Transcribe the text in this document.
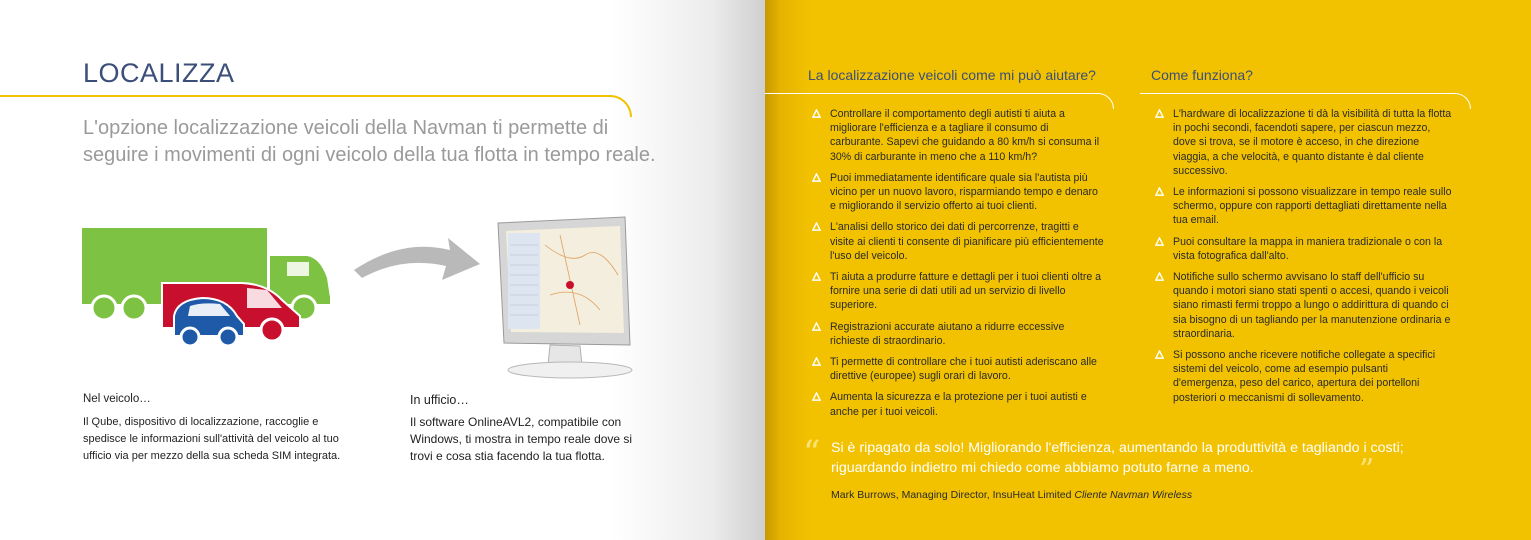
LOCALIZZA
L'opzione localizzazione veicoli della Navman ti permette di seguire i movimenti di ogni veicolo della tua flotta in tempo reale.
Nel veicolo…
Il Qube, dispositivo di localizzazione, raccoglie e spedisce le informazioni sull'attività del veicolo al tuo ufficio via per mezzo della sua scheda SIM integrata.
In ufficio…
Il software OnlineAVL2, compatibile con Windows, ti mostra in tempo reale dove si trovi e cosa stia facendo la tua flotta.
La localizzazione veicoli come mi può aiutare?	Come funziona?
Controllare il comportamento degli autisti ti aiuta a migliorare l'efficienza e a tagliare il consumo di carburante. Sapevi che guidando a 80 km/h si consuma il 30% di carburante in meno che a 110 km/h?
Puoi immediatamente identificare quale sia l'autista più vicino per un nuovo lavoro, risparmiando tempo e denaro e migliorando il servizio offerto ai tuoi clienti.
L'analisi dello storico dei dati di percorrenze, tragitti e visite ai clienti ti consente di pianificare più efficientemente l'uso del veicolo.
Ti aiuta a produrre fatture e dettagli per i tuoi clienti oltre a fornire una serie di dati utili ad un servizio di livello superiore.
Registrazioni accurate aiutano a ridurre eccessive richieste di straordinario.
Ti permette di controllare che i tuoi autisti aderiscano alle direttive (europee) sugli orari di lavoro.
Aumenta la sicurezza e la protezione per i tuoi autisti e anche per i tuoi veicoli.
L'hardware di localizzazione ti dà la visibilità di tutta la flotta in pochi secondi, facendoti sapere, per ciascun mezzo, dove si trova, se il motore è acceso, in che direzione viaggia, a che velocità, e quanto distante è dal cliente successivo.
Le informazioni si possono visualizzare in tempo reale sullo schermo, oppure con rapporti dettagliati direttamente nella tua email.
Puoi consultare la mappa in maniera tradizionale o con la vista fotografica dall'alto.
Notifiche sullo schermo avvisano lo staff dell'ufficio su quando i motori siano stati spenti o accesi, quando i veicoli siano rimasti fermi troppo a lungo o addirittura di quando ci sia bisogno di un tagliando per la manutenzione ordinaria e straordinaria.
Si possono anche ricevere notifiche collegate a specifici sistemi del veicolo, come ad esempio pulsanti d'emergenza, peso del carico, apertura dei portelloni posteriori o meccanismi di sollevamento.
“ Si è ripagato da solo! Migliorando l'efficienza, aumentando la produttività e tagliando i costi; riguardando indietro mi chiedo come abbiamo potuto farne a meno.	”
Mark Burrows, Managing Director, InsuHeat Limited Cliente Navman Wireless
